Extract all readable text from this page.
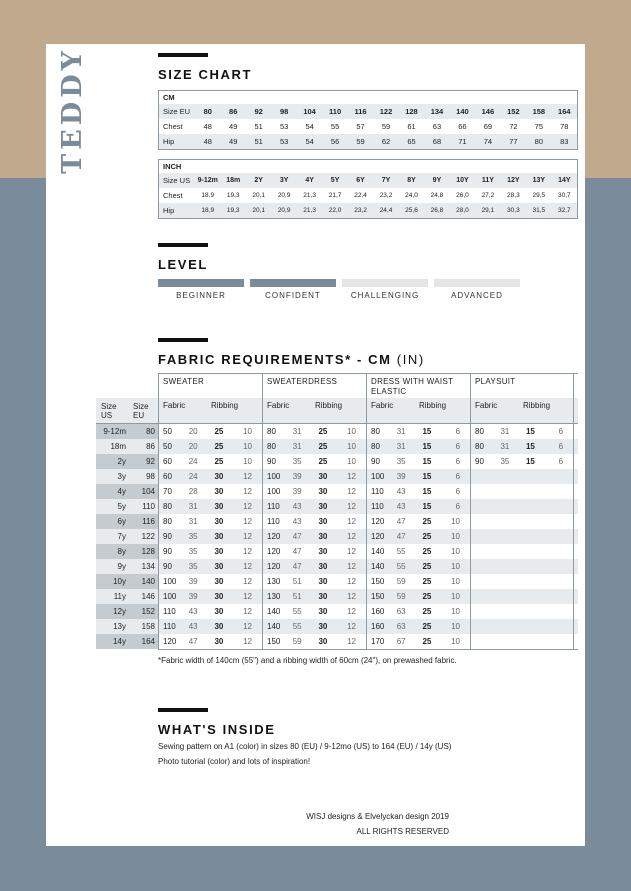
TEDDY	SIZE CHART
CM
Size EU	80	86	92	98	104	110	116	122	128	134	140	146	152	158	164
Chest	48	49	51	53	54	55	57	59	61	63	66	69	72	75	78
Hip	48	49	51	53	54	56	59	62	65	68	71	74	77	80	83
INCH
Size US	9-12m	18m	2Y	3Y	4Y	5Y	6Y	7Y	8Y	9Y	10Y	11Y	12Y	13Y	14Y
Chest	18,9	19,3	20,1	20,9	21,3	21,7	22,4	23,2	24,0	24,8	26,0	27,2	28,3	29,5	30,7
Hip	18,9	19,3	20,1	20,9	21,3	22,0	23,2	24,4	25,6	26,8	28,0	29,1	30,3	31,5	32,7
LEVEL
BEGINNER	CONFIDENT	CHALLENGING	ADVANCED
FABRIC REQUIREMENTS* - CM (IN)
SWEATER	SWEATERDRESS	DRESS WITH WAIST ELASTIC
PLAYSUIT
Size US
Size EU
Fabric	Ribbing	Fabric	Ribbing	Fabric	Ribbing	Fabric	Ribbing
9-12m	80	50	20	25	10	80	31	25	10	80	31	15	6	80	31	15	6
18m	86	50	20	25	10	80	31	25	10	80	31	15	6	80	31	15	6
2y	92	60	24	25	10	90	35	25	10	90	35	15	6	90	35	15	6
3y	98	60	24	30	12	100	39	30	12	100	39	15	6
4y	104	70	28	30	12	100	39	30	12	110	43	15	6
5y	110	80	31	30	12	110	43	30	12	110	43	15	6
6y	116	80	31	30	12	110	43	30	12	120	47	25	10
7y	122	90	35	30	12	120	47	30	12	120	47	25	10
8y	128	90	35	30	12	120	47	30	12	140	55	25	10
9y	134	90	35	30	12	120	47	30	12	140	55	25	10
10y	140	100	39	30	12	130	51	30	12	150	59	25	10
11y	146	100	39	30	12	130	51	30	12	150	59	25	10
12y	152	110	43	30	12	140	55	30	12	160	63	25	10
13y	158	110	43	30	12	140	55	30	12	160	63	25	10
14y	164	120	47	30	12	150	59	30	12	170	67	25	10
*Fabric width of 140cm (55") and a ribbing width of 60cm (24"), on prewashed fabric.
WHAT'S INSIDE
Sewing pattern on A1 (color) in sizes 80 (EU) / 9-12mo (US) to 164 (EU) / 14y (US)
Photo tutorial (color) and lots of inspiration!
WISJ designs & Elvelyckan design 2019
ALL RIGHTS RESERVED
